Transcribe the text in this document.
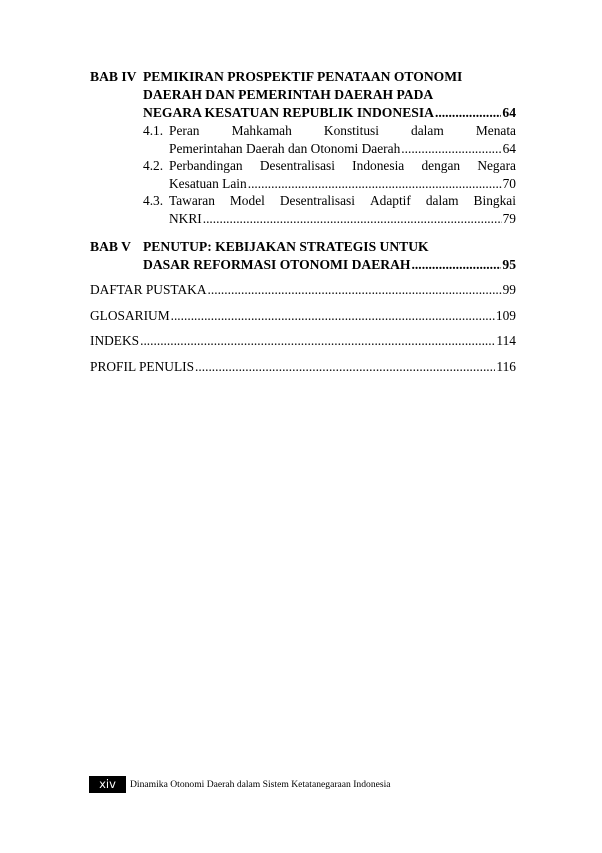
BAB IV PEMIKIRAN PROSPEKTIF PENATAAN OTONOMI
DAERAH DAN PEMERINTAH DAERAH PADA
NEGARA KESATUAN REPUBLIK INDONESIA .....	64
4.1. Peran Mahkamah Konstitusi dalam Menata
Pemerintahan Daerah dan Otonomi Daerah .....	64
4.2. Perbandingan Desentralisasi Indonesia dengan Negara
Kesatuan Lain .....	70
4.3. Tawaran Model Desentralisasi Adaptif dalam Bingkai
NKRI .....	79
BAB V PENUTUP: KEBIJAKAN STRATEGIS UNTUK
DASAR REFORMASI OTONOMI DAERAH .....	95
DAFTAR PUSTAKA .....	99
GLOSARIUM .....	109
INDEKS .....	114
PROFIL PENULIS .....	116
xiv	Dinamika Otonomi Daerah dalam Sistem Ketatanegaraan Indonesia
